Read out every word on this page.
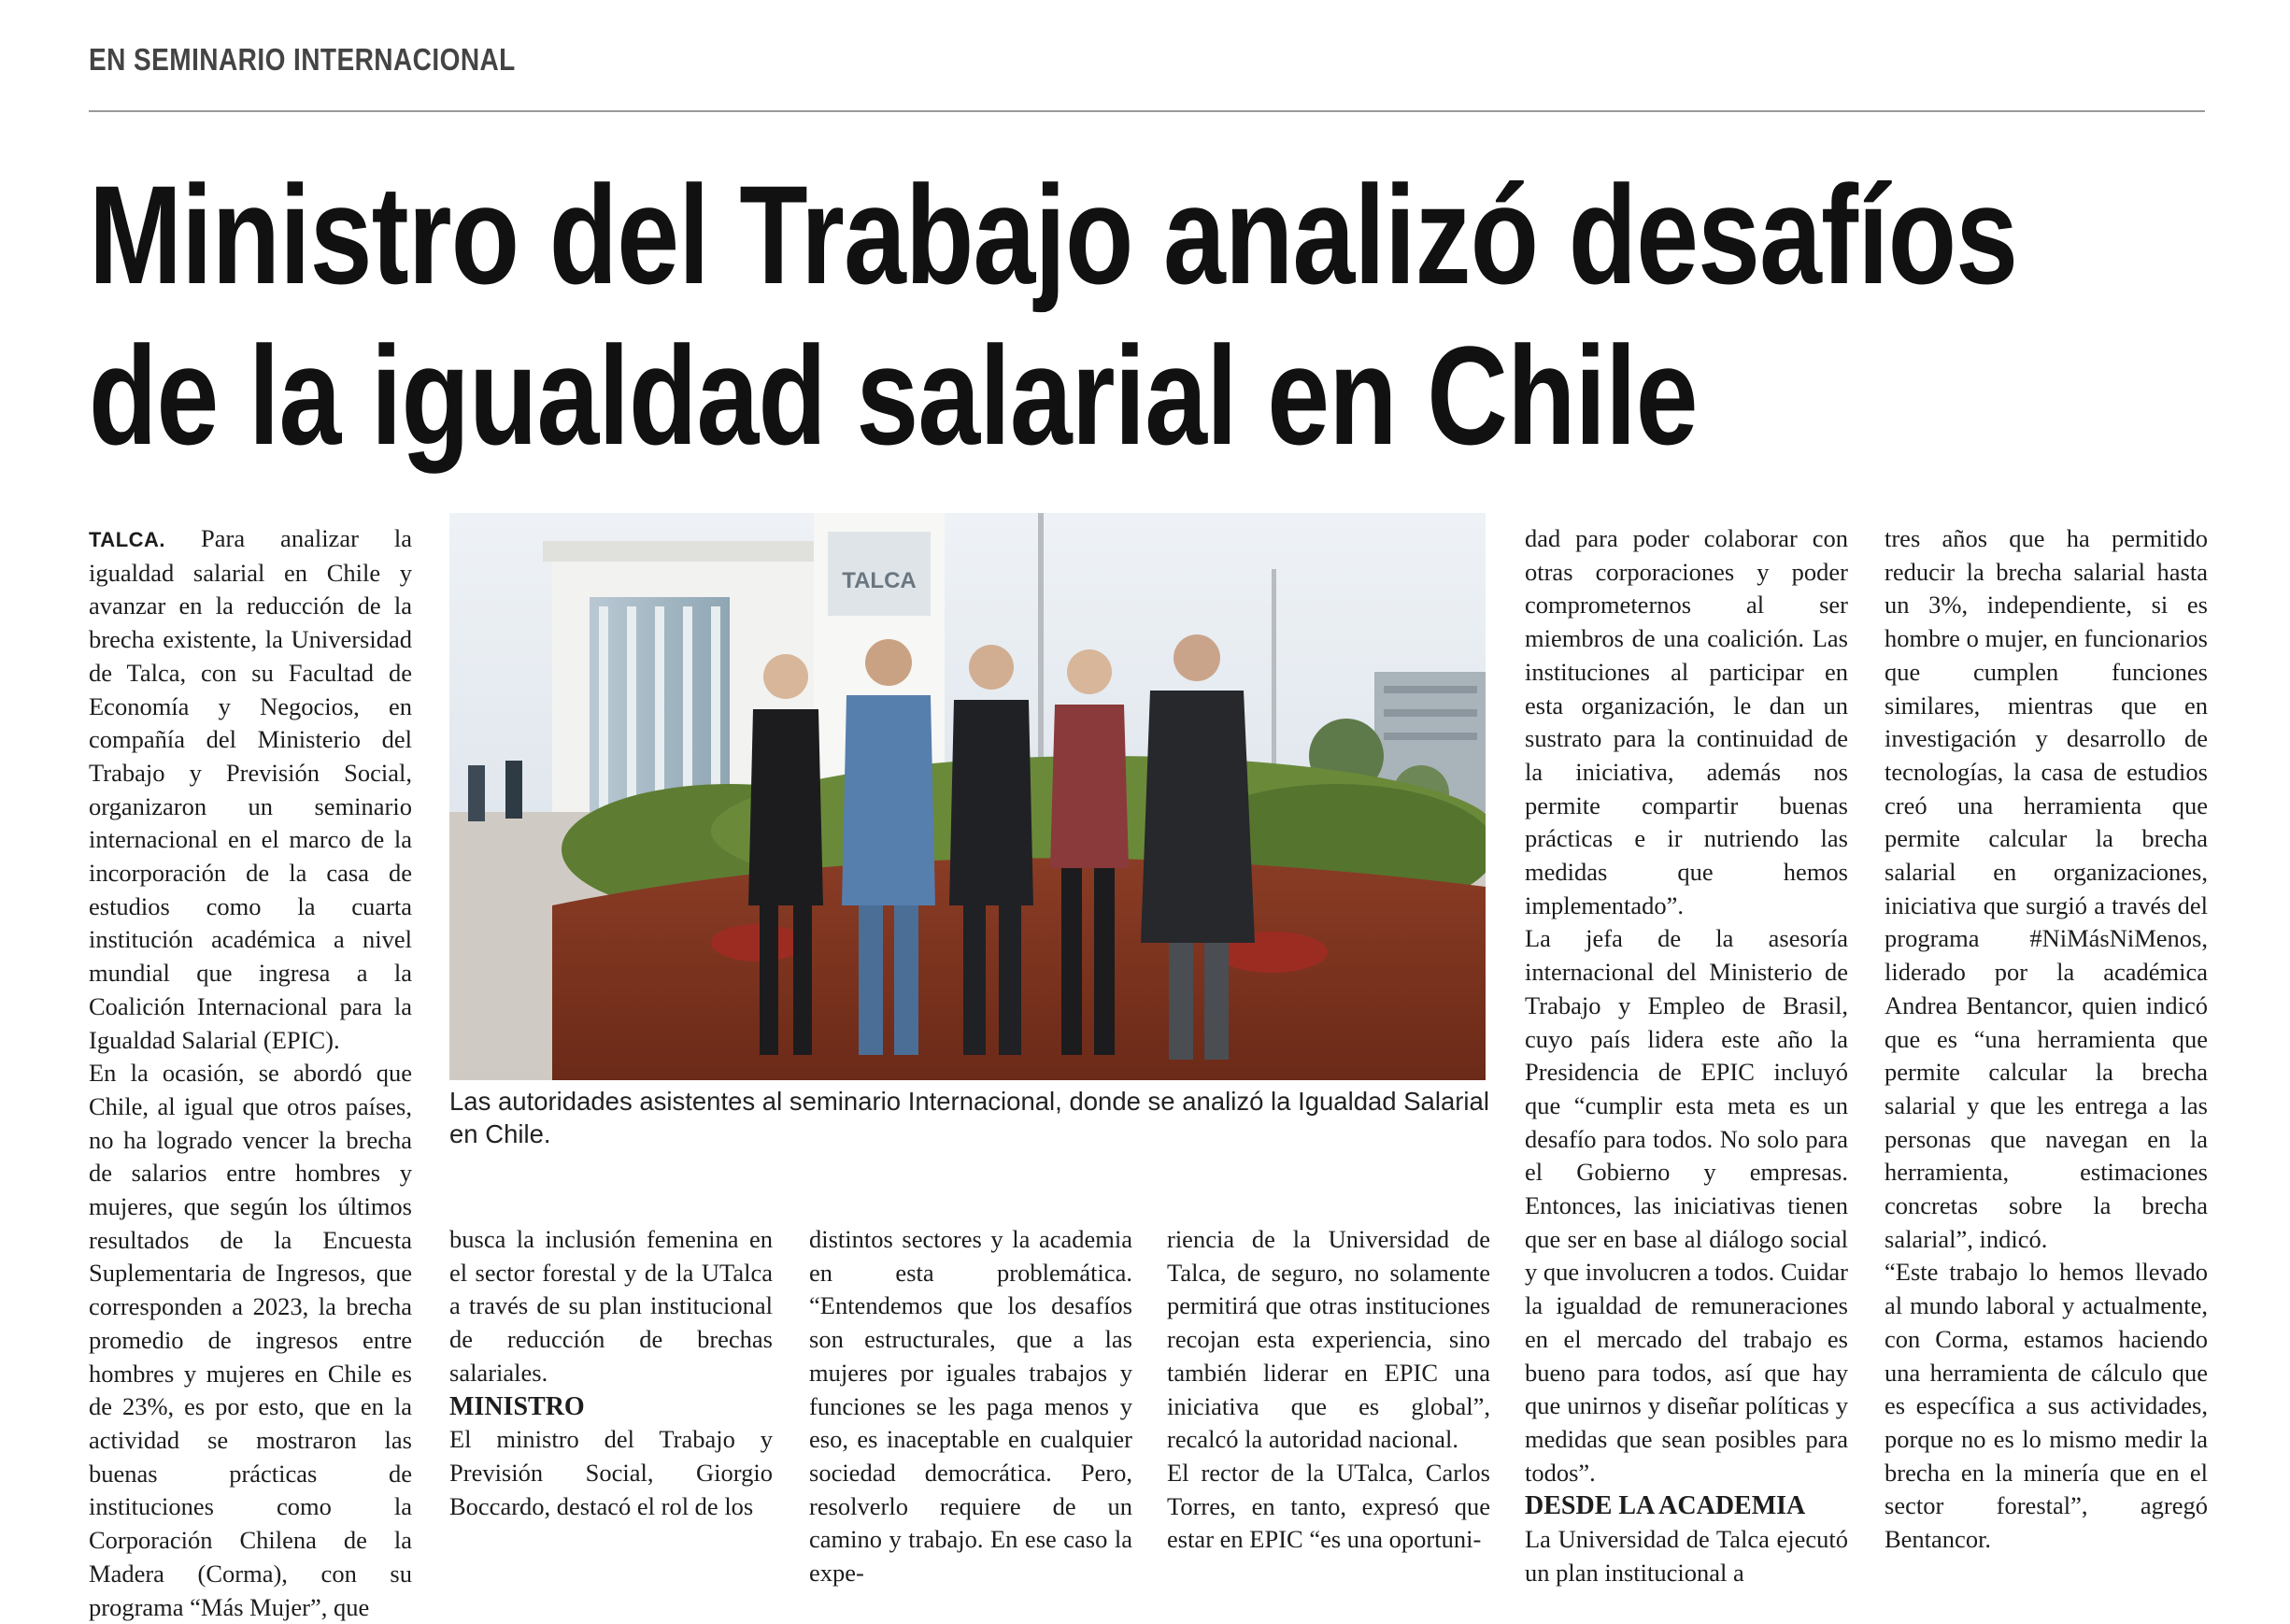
EN SEMINARIO INTERNACIONAL
Ministro del Trabajo analizó desafíos
de la igualdad salarial en Chile

TALCA. Para analizar la igualdad salarial en Chile y avanzar en la reducción de la brecha existente, la Universidad de Talca, con su Facultad de Economía y Negocios, en compañía del Ministerio del Trabajo y Previsión Social, organizaron un seminario internacional en el marco de la incorporación de la casa de estudios como la cuarta institución académica a nivel mundial que ingresa a la Coalición Internacional para la Igualdad Salarial (EPIC).

En la ocasión, se abordó que Chile, al igual que otros países, no ha logrado vencer la brecha de salarios entre hombres y mujeres, que según los últimos resultados de la Encuesta Suplementaria de Ingresos, que corresponden a 2023, la brecha promedio de ingresos entre hombres y mujeres en Chile es de 23%, es por esto, que en la actividad se mostraron las buenas prácticas de instituciones como la Corporación Chilena de la Madera (Corma), con su programa “Más Mujer”, que

TALCA
Las autoridades asistentes al seminario Internacional, donde se analizó la Igualdad Salarial en Chile.

busca la inclusión femenina en el sector forestal y de la UTalca a través de su plan institucional de reducción de brechas salariales.

MINISTRO

El ministro del Trabajo y Previsión Social, Giorgio Boccardo, destacó el rol de los

distintos sectores y la academia en esta problemática. “Entendemos que los desafíos son estructurales, que a las mujeres por iguales trabajos y funciones se les paga menos y eso, es inaceptable en cualquier sociedad democrática. Pero, resolverlo requiere de un camino y trabajo. En ese caso la expe-

riencia de la Universidad de Talca, de seguro, no solamente permitirá que otras instituciones recojan esta experiencia, sino también liderar en EPIC una iniciativa que es global”, recalcó la autoridad nacional.

El rector de la UTalca, Carlos Torres, en tanto, expresó que estar en EPIC “es una oportuni-

dad para poder colaborar con otras corporaciones y poder comprometernos al ser miembros de una coalición. Las instituciones al participar en esta organización, le dan un sustrato para la continuidad de la iniciativa, además nos permite compartir buenas prácticas e ir nutriendo las medidas que hemos implementado”.

La jefa de la asesoría internacional del Ministerio de Trabajo y Empleo de Brasil, cuyo país lidera este año la Presidencia de EPIC incluyó que “cumplir esta meta es un desafío para todos. No solo para el Gobierno y empresas. Entonces, las iniciativas tienen que ser en base al diálogo social y que involucren a todos. Cuidar la igualdad de remuneraciones en el mercado del trabajo es bueno para todos, así que hay que unirnos y diseñar políticas y medidas que sean posibles para todos”.

DESDE LA ACADEMIA

La Universidad de Talca ejecutó un plan institucional a

tres años que ha permitido reducir la brecha salarial hasta un 3%, independiente, si es hombre o mujer, en funcionarios que cumplen funciones similares, mientras que en investigación y desarrollo de tecnologías, la casa de estudios creó una herramienta que permite calcular la brecha salarial en organizaciones, iniciativa que surgió a través del programa #NiMásNiMenos, liderado por la académica Andrea Bentancor, quien indicó que es “una herramienta que permite calcular la brecha salarial y que les entrega a las personas que navegan en la herramienta, estimaciones concretas sobre la brecha salarial”, indicó.

“Este trabajo lo hemos llevado al mundo laboral y actualmente, con Corma, estamos haciendo una herramienta de cálculo que es específica a sus actividades, porque no es lo mismo medir la brecha en la minería que en el sector forestal”, agregó Bentancor.
